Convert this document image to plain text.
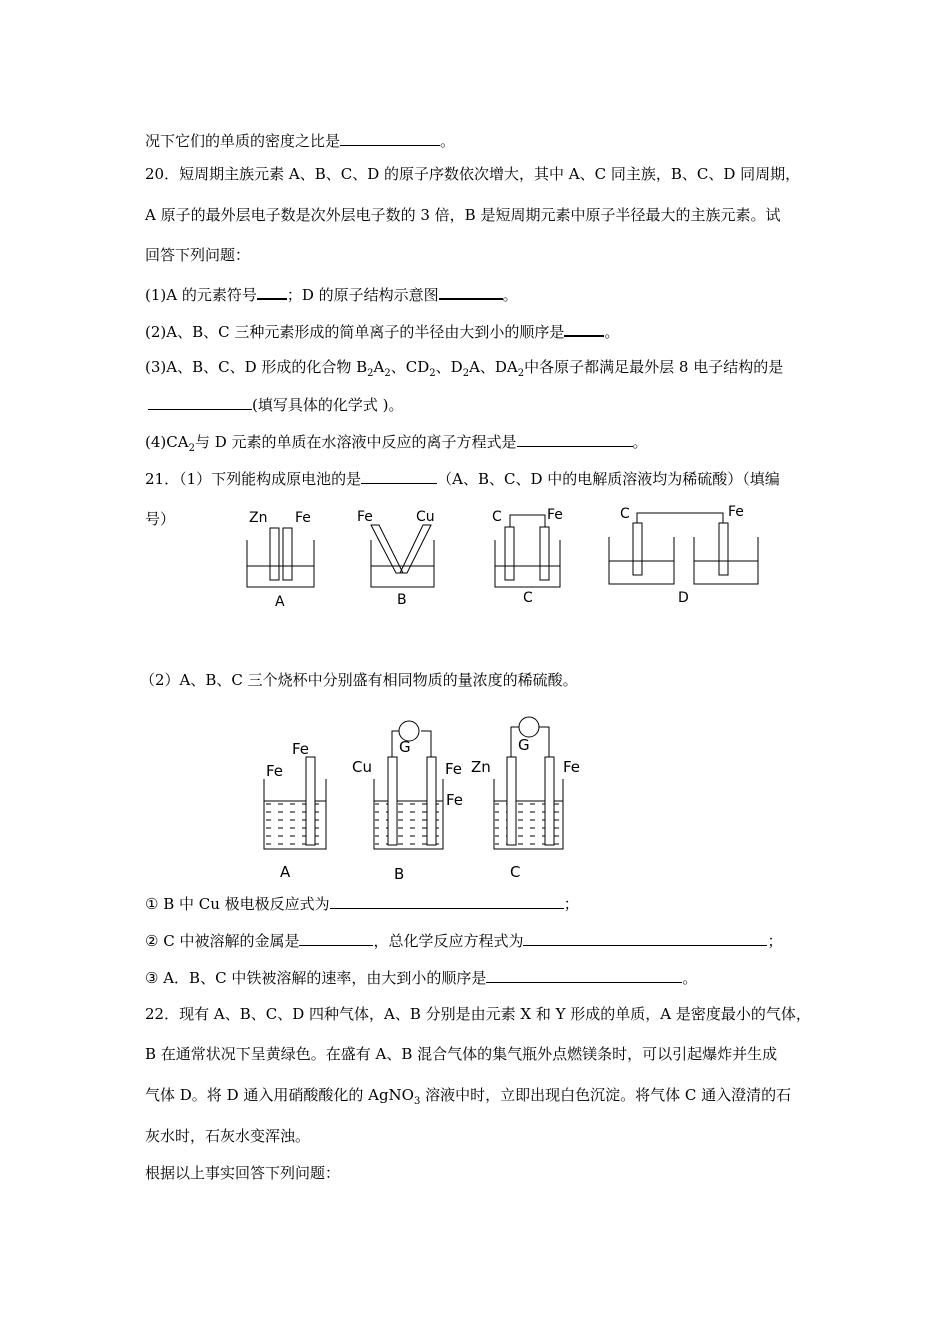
况下它们的单质的密度之比是	。
20．短周期主族元素 A、B、C、D 的原子序数依次增大，其中 A、C 同主族，B、C、D 同周期，
A 原子的最外层电子数是次外层电子数的 3 倍，B 是短周期元素中原子半径最大的主族元素。试
回答下列问题：
(1)A 的元素符号 ；D 的原子结构示意图	。
(2)A、B、C 三种元素形成的简单离子的半径由大到小的顺序是	。
(3)A、B、C、D 形成的化合物 $B_2A_2$、$CD_2$、$D_2A$、$DA_2$中各原子都满足最外层 8 电子结构的是
(填写具体的化学式 )。
$(4)CA_2$与 D 元素的单质在水溶液中反应的离子方程式是	。
21．（1）下列能构成原电池的是	（A、B、C、D 中的电解质溶液均为稀硫酸）（填编
号）	Zn Fe
A
Fe	Cu
B
C	Fe
C
C	Fe
D
（2）A、B、C 三个烧杯中分别盛有相同物质的量浓度的稀硫酸。
Fe
Fe
A
G
Cu	Fe
Fe
B
G
Zn	Fe
C
① B 中 Cu 极电极反应式为	；
② C 中被溶解的金属是	，总化学反应方程式为	；
③ A．B、C 中铁被溶解的速率，由大到小的顺序是	。
22．现有 A、B、C、D 四种气体，A、B 分别是由元素 X 和 Y 形成的单质，A 是密度最小的气体，
B 在通常状况下呈黄绿色。在盛有 A、B 混合气体的集气瓶外点燃镁条时，可以引起爆炸并生成
气体 D。将 D 通入用硝酸酸化的 AgNO$_3$ 溶液中时，立即出现白色沉淀。将气体 C 通入澄清的石
灰水时，石灰水变浑浊。
根据以上事实回答下列问题：
